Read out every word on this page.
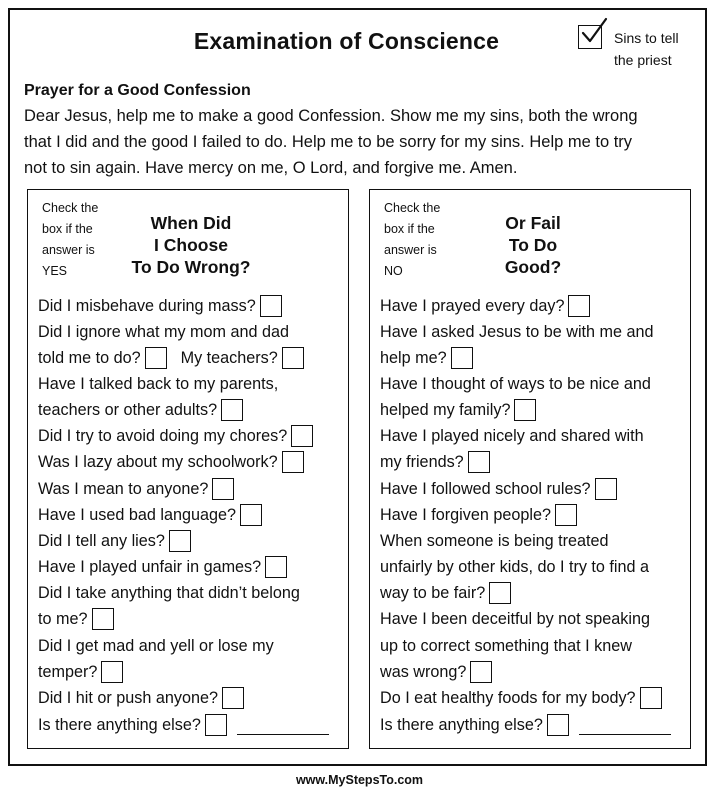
Examination of Conscience	Sins to tell
the priest
Prayer for a Good Confession
Dear Jesus, help me to make a good Confession. Show me my sins, both the wrong
that I did and the good I failed to do. Help me to be sorry for my sins. Help me to try
not to sin again. Have mercy on me, O Lord, and forgive me. Amen.
Check the
box if the
answer is
YES
When Did
I Choose
To Do Wrong?
Did I misbehave during mass?
Did I ignore what my mom and dad
told me to do? My teachers?
Have I talked back to my parents,
teachers or other adults?
Did I try to avoid doing my chores?
Was I lazy about my schoolwork?
Was I mean to anyone?
Have I used bad language?
Did I tell any lies?
Have I played unfair in games?
Did I take anything that didn’t belong
to me?
Did I get mad and yell or lose my
temper?
Did I hit or push anyone?
Is there anything else?
Check the
box if the
answer is
NO
Or Fail
To Do
Good?
Have I prayed every day?
Have I asked Jesus to be with me and
help me?
Have I thought of ways to be nice and
helped my family?
Have I played nicely and shared with
my friends?
Have I followed school rules?
Have I forgiven people?
When someone is being treated
unfairly by other kids, do I try to find a
way to be fair?
Have I been deceitful by not speaking
up to correct something that I knew
was wrong?
Do I eat healthy foods for my body?
Is there anything else?
www.MyStepsTo.com
